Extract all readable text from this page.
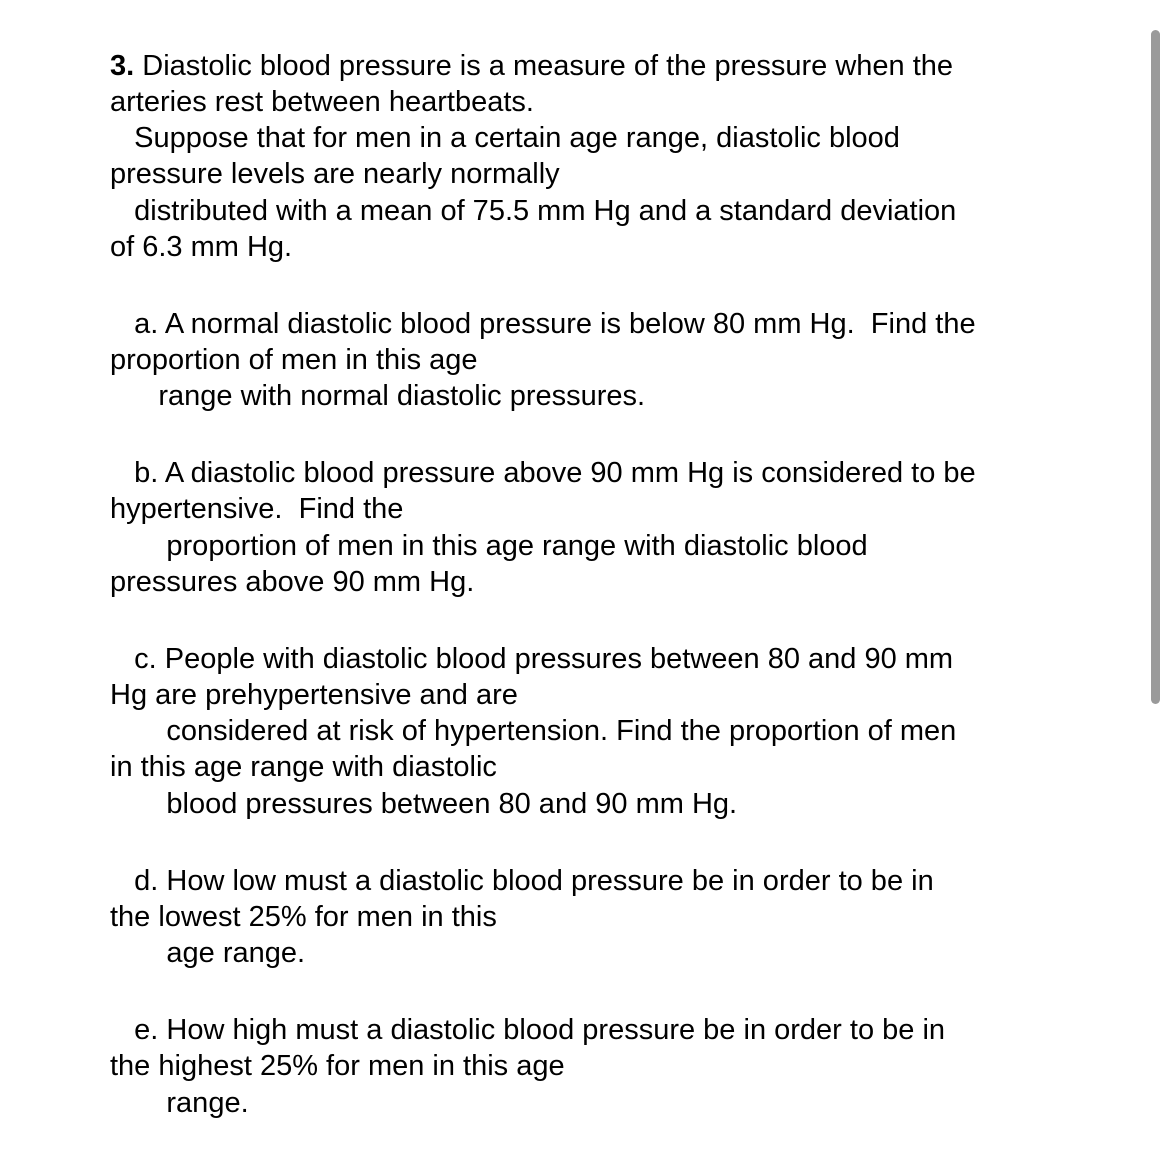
3. Diastolic blood pressure is a measure of the pressure when the
arteries rest between heartbeats.
Suppose that for men in a certain age range, diastolic blood
pressure levels are nearly normally
distributed with a mean of 75.5 mm Hg and a standard deviation
of 6.3 mm Hg.
a. A normal diastolic blood pressure is below 80 mm Hg.  Find the
proportion of men in this age
range with normal diastolic pressures.
b. A diastolic blood pressure above 90 mm Hg is considered to be
hypertensive.  Find the
proportion of men in this age range with diastolic blood
pressures above 90 mm Hg.
c. People with diastolic blood pressures between 80 and 90 mm
Hg are prehypertensive and are
considered at risk of hypertension. Find the proportion of men
in this age range with diastolic
blood pressures between 80 and 90 mm Hg.
d. How low must a diastolic blood pressure be in order to be in
the lowest 25% for men in this
age range.
e. How high must a diastolic blood pressure be in order to be in
the highest 25% for men in this age
range.
